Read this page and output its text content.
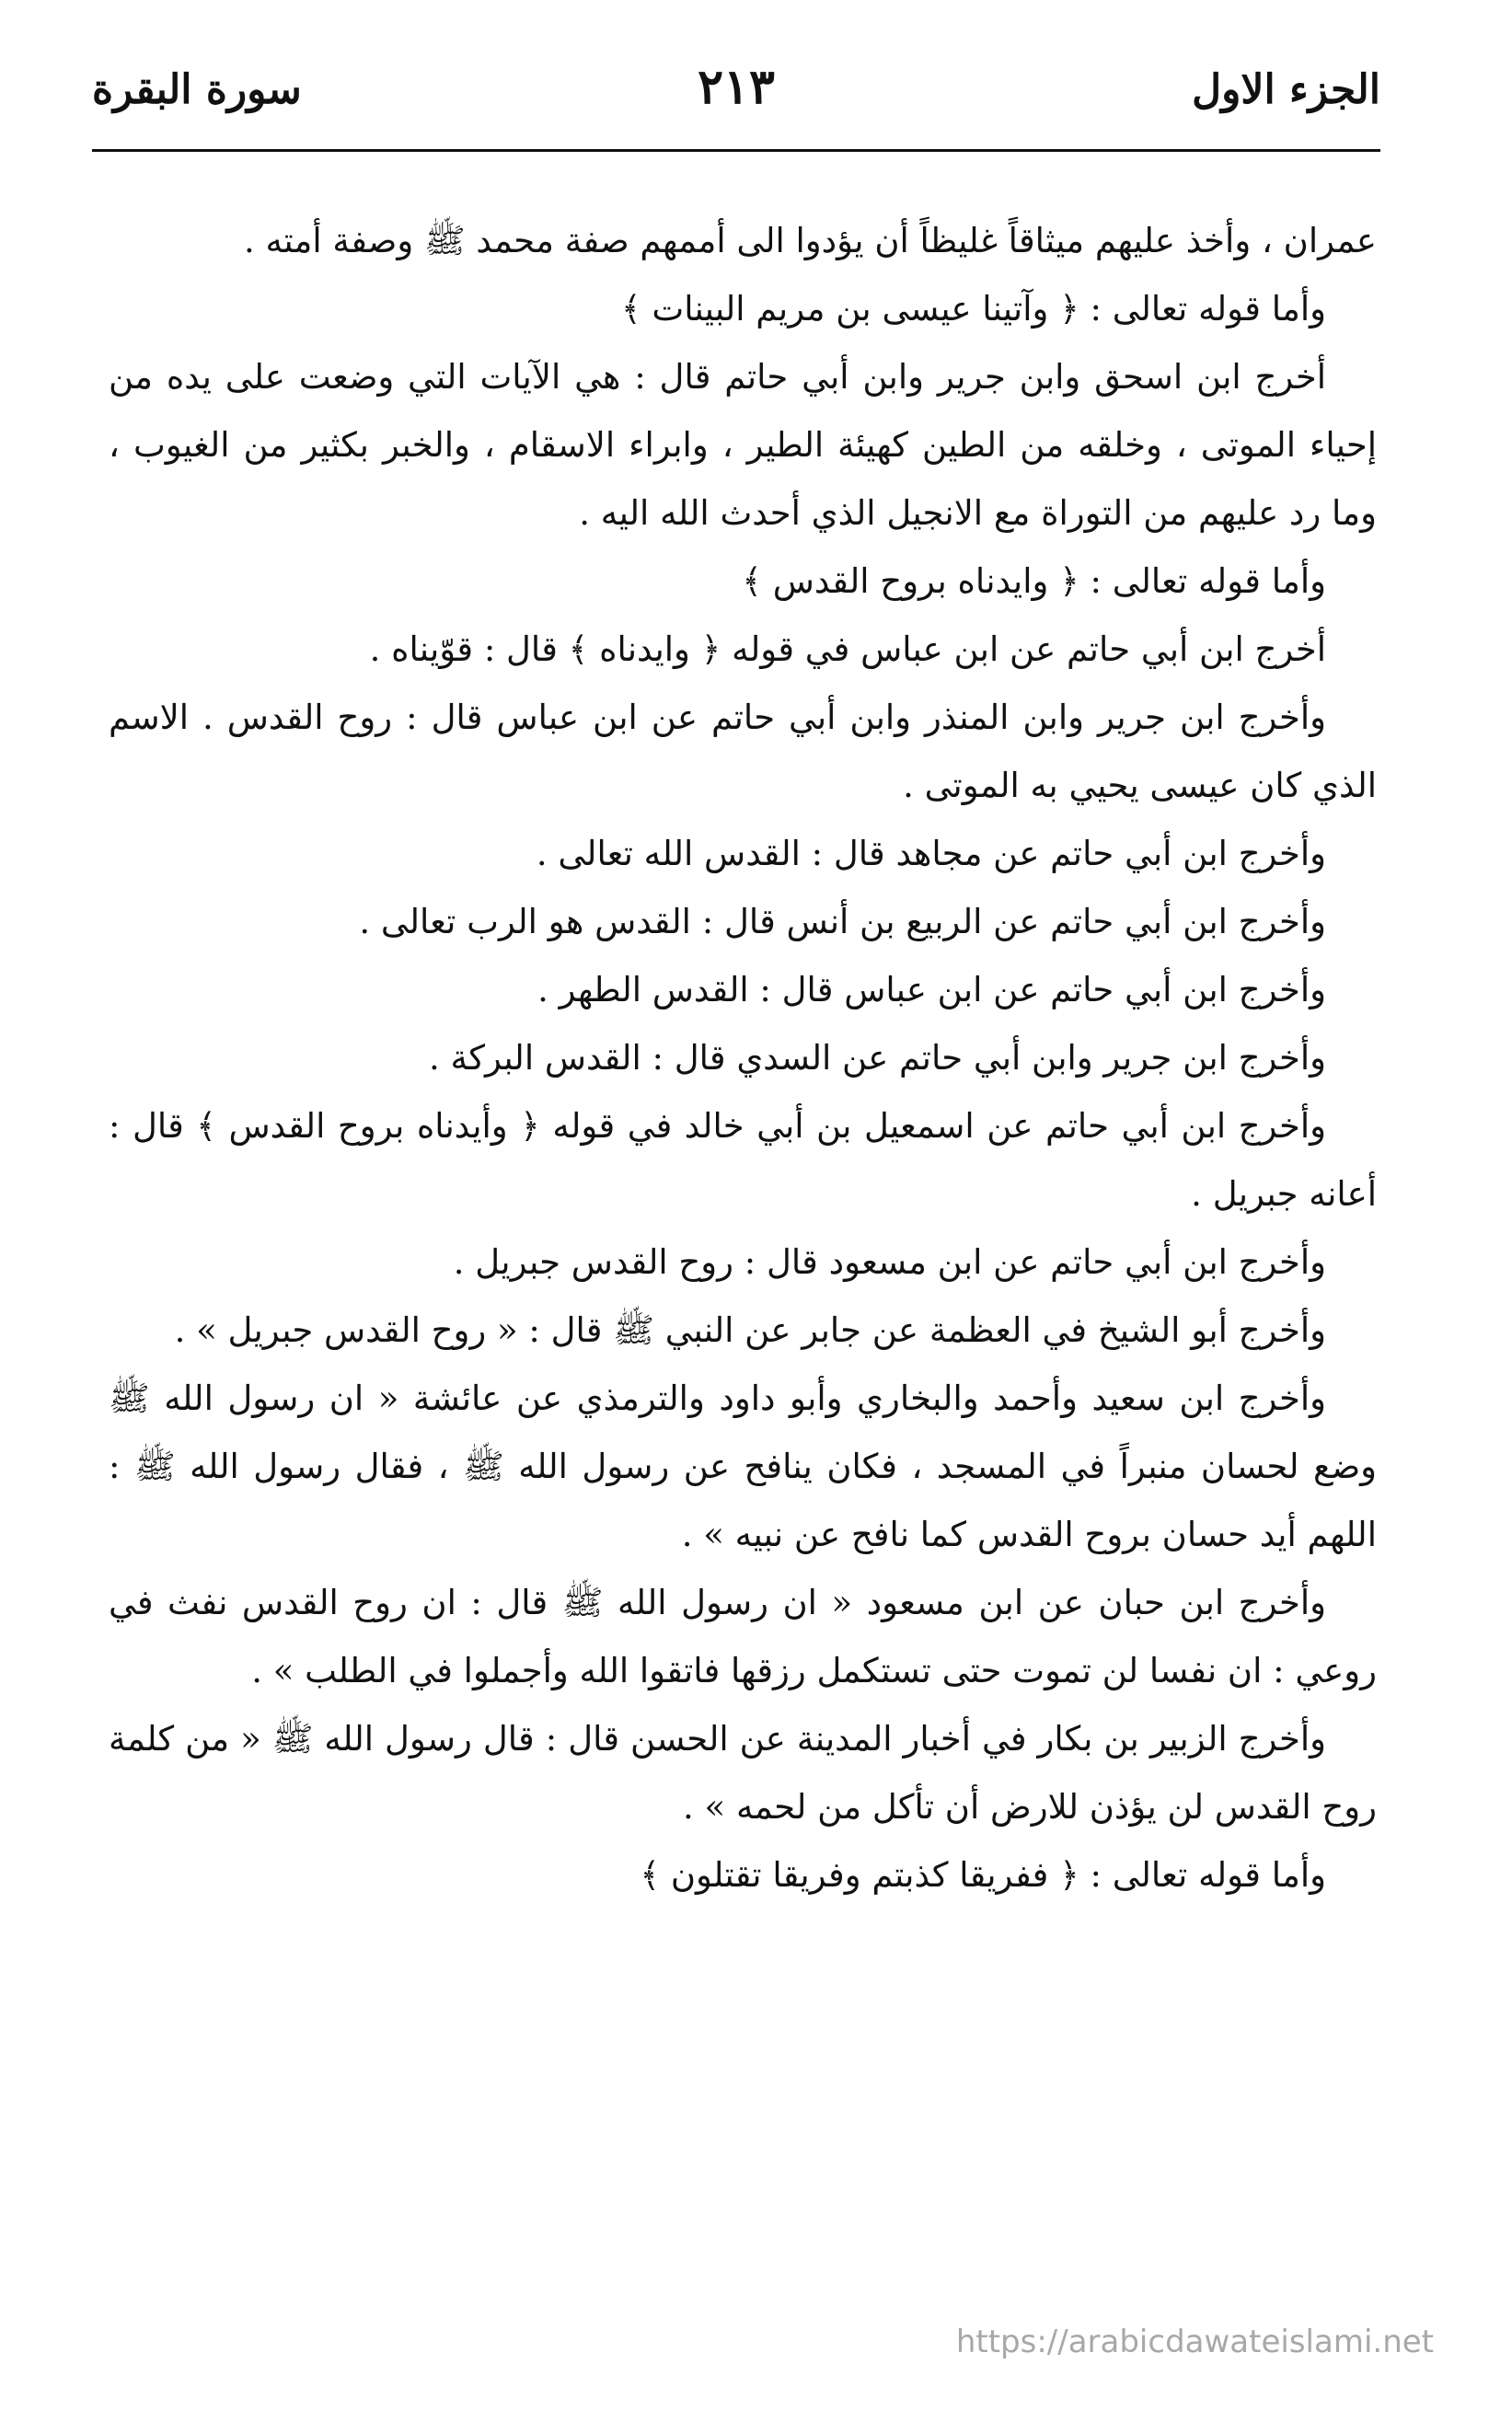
الجزء الاول
٢١٣
سورة البقرة

عمران ، وأخذ عليهم ميثاقاً غليظاً أن يؤدوا الى أممهم صفة محمد ﷺ وصفة أمته .

وأما قوله تعالى : ﴿ وآتينا عيسى بن مريم البينات ﴾

أخرج ابن اسحق وابن جرير وابن أبي حاتم قال : هي الآيات التي وضعت على يده من إحياء الموتى ، وخلقه من الطين كهيئة الطير ، وابراء الاسقام ، والخبر بكثير من الغيوب ، وما رد عليهم من التوراة مع الانجيل الذي أحدث الله اليه .

وأما قوله تعالى : ﴿ وايدناه بروح القدس ﴾

أخرج ابن أبي حاتم عن ابن عباس في قوله ﴿ وايدناه ﴾ قال : قوّيناه .

وأخرج ابن جرير وابن المنذر وابن أبي حاتم عن ابن عباس قال : روح القدس . الاسم الذي كان عيسى يحيي به الموتى .

وأخرج ابن أبي حاتم عن مجاهد قال : القدس الله تعالى .

وأخرج ابن أبي حاتم عن الربيع بن أنس قال : القدس هو الرب تعالى .

وأخرج ابن أبي حاتم عن ابن عباس قال : القدس الطهر .

وأخرج ابن جرير وابن أبي حاتم عن السدي قال : القدس البركة .

وأخرج ابن أبي حاتم عن اسمعيل بن أبي خالد في قوله ﴿ وأيدناه بروح القدس ﴾ قال : أعانه جبريل .

وأخرج ابن أبي حاتم عن ابن مسعود قال : روح القدس جبريل .

وأخرج أبو الشيخ في العظمة عن جابر عن النبي ﷺ قال : « روح القدس جبريل » .

وأخرج ابن سعيد وأحمد والبخاري وأبو داود والترمذي عن عائشة « ان رسول الله ﷺ وضع لحسان منبراً في المسجد ، فكان ينافح عن رسول الله ﷺ ، فقال رسول الله ﷺ : اللهم أيد حسان بروح القدس كما نافح عن نبيه » .

وأخرج ابن حبان عن ابن مسعود « ان رسول الله ﷺ قال : ان روح القدس نفث في روعي : ان نفسا لن تموت حتى تستكمل رزقها فاتقوا الله وأجملوا في الطلب » .

وأخرج الزبير بن بكار في أخبار المدينة عن الحسن قال : قال رسول الله ﷺ « من كلمة روح القدس لن يؤذن للارض أن تأكل من لحمه » .

وأما قوله تعالى : ﴿ ففريقا كذبتم وفريقا تقتلون ﴾

https://arabicdawateislami.net
